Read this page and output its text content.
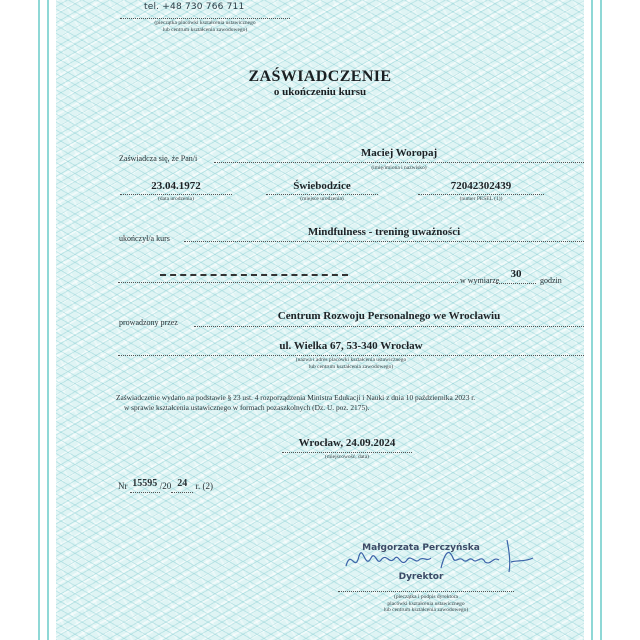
tel. +48 730 766 711
(pieczątka placówki kształcenia ustawicznego
lub centrum kształcenia zawodowego)
ZAŚWIADCZENIE
o ukończeniu kursu
Zaświadcza się, że Pan/i	Maciej Woropaj
(imię/imiona i nazwisko)
23.04.1972
(data urodzenia)
Świebodzice
(miejsce urodzenia)
72042302439
(numer PESEL (1))
ukończył/a kurs
Mindfulness - trening uważności
w wymiarze
30
godzin
prowadzony przez
Centrum Rozwoju Personalnego we Wrocławiu
ul. Wielka 67, 53-340 Wrocław
(nazwa i adres placówki kształcenia ustawicznego
lub centrum kształcenia zawodowego)
Zaświadczenie wydano na podstawie § 23 ust. 4 rozporządzenia Ministra Edukacji i Nauki z dnia 10 października 2023 r.
w sprawie kształcenia ustawicznego w formach pozaszkolnych (Dz. U. poz. 2175).
Wrocław, 24.09.2024
(miejscowość, data)
Nr 15595 /20 24 r. (2)
Małgorzata Perczyńska
Dyrektor
(pieczątka i podpis dyrektora
placówki kształcenia ustawicznego
lub centrum kształcenia zawodowego)
